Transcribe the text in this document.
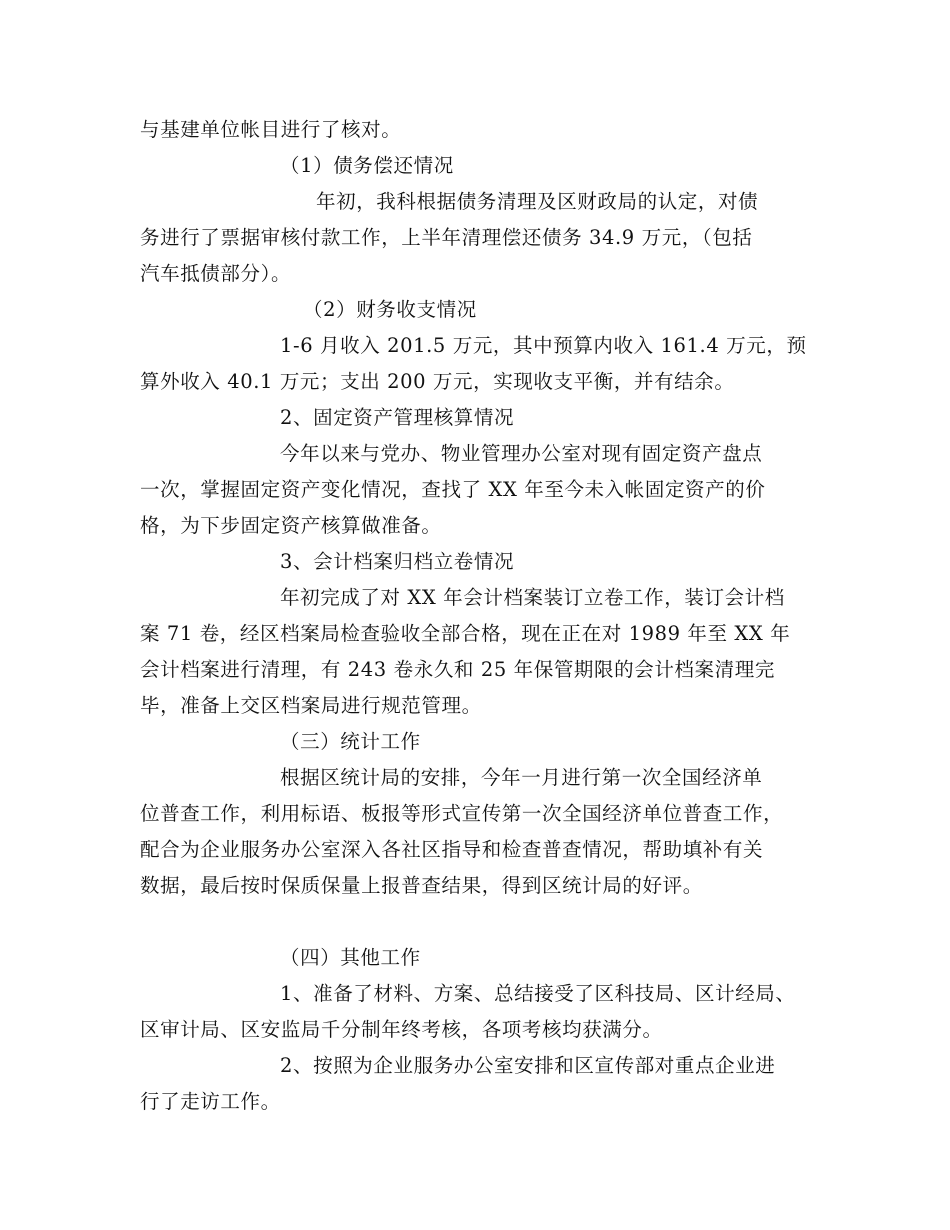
与基建单位帐目进行了核对。

（1）债务偿还情况

年初，我科根据债务清理及区财政局的认定，对债

务进行了票据审核付款工作，上半年清理偿还债务 34.9 万元，（包括

汽车抵债部分）。

（2）财务收支情况

1-6 月收入 201.5 万元，其中预算内收入 161.4 万元，预

算外收入 40.1 万元；支出 200 万元，实现收支平衡，并有结余。

2、固定资产管理核算情况

今年以来与党办、物业管理办公室对现有固定资产盘点

一次，掌握固定资产变化情况，查找了 XX 年至今未入帐固定资产的价

格，为下步固定资产核算做准备。

3、会计档案归档立卷情况

年初完成了对 XX 年会计档案装订立卷工作，装订会计档

案 71 卷，经区档案局检查验收全部合格，现在正在对 1989 年至 XX 年

会计档案进行清理，有 243 卷永久和 25 年保管期限的会计档案清理完

毕，准备上交区档案局进行规范管理。

（三）统计工作

根据区统计局的安排，今年一月进行第一次全国经济单

位普查工作，利用标语、板报等形式宣传第一次全国经济单位普查工作，

配合为企业服务办公室深入各社区指导和检查普查情况，帮助填补有关

数据，最后按时保质保量上报普查结果，得到区统计局的好评。

（四）其他工作

1、准备了材料、方案、总结接受了区科技局、区计经局、

区审计局、区安监局千分制年终考核，各项考核均获满分。

2、按照为企业服务办公室安排和区宣传部对重点企业进

行了走访工作。
